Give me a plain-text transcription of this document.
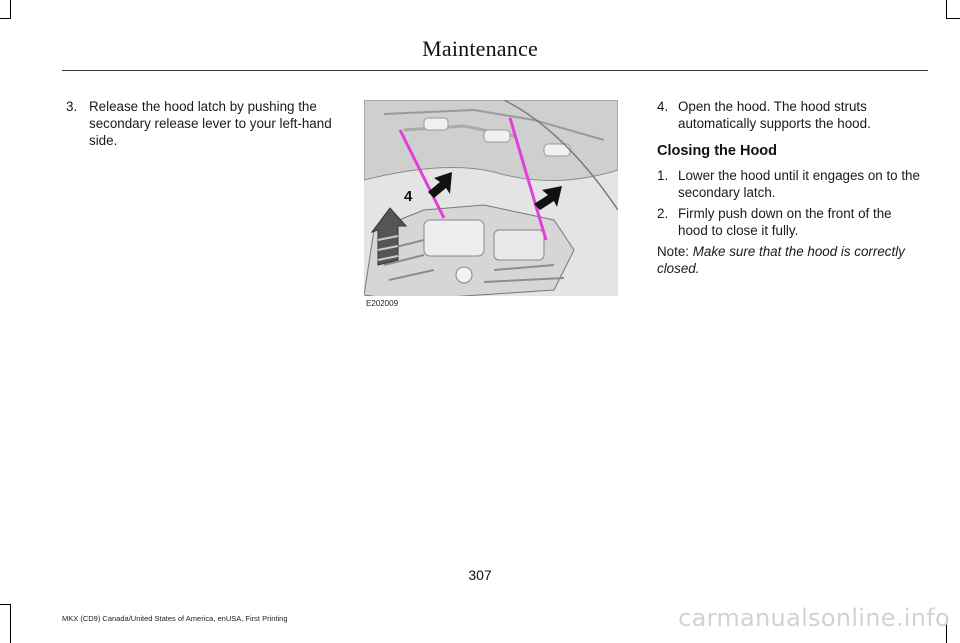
Maintenance
3. Release the hood latch by pushing the
secondary release lever to your left-hand
side.
4
E202009
4. Open the hood. The hood struts
automatically supports the hood.
Closing the Hood
1. Lower the hood until it engages on to the
secondary latch.
2. Firmly push down on the front of the
hood to close it fully.
Note: Make sure that the hood is correctly
closed.
307
MKX (CD9) Canada/United States of America, enUSA, First Printing	carmanualsonline.info
